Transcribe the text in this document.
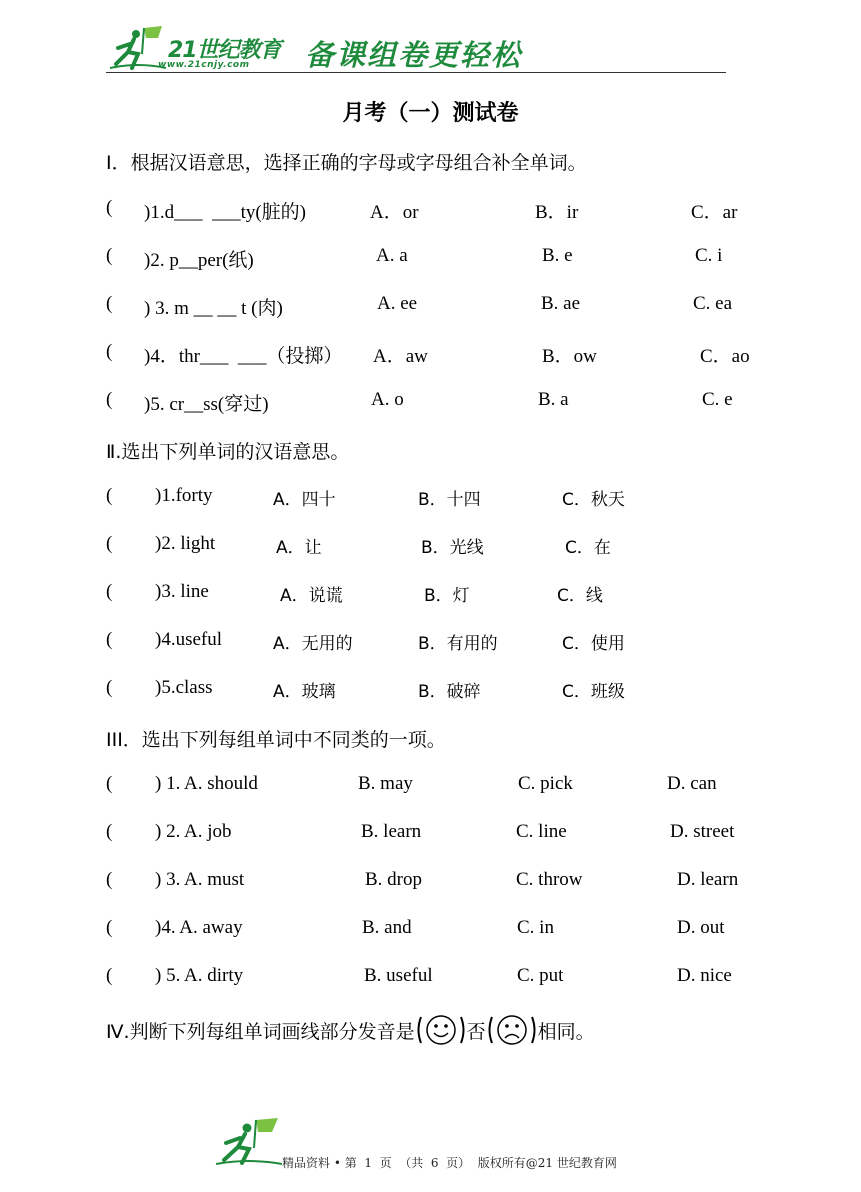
21世纪教育
www.21cnjy.com 备课组卷更轻松
月考（一）测试卷
I．根据汉语意思，选择正确的字母或字母组合补全单词。
( )1.d___  ___ty(脏的)	A．or	B．ir	C．ar
( )2. p__per(纸)	A. a	B. e	C. i
( ) 3. m __ __ t (肉)	A. ee	B. ae	C. ea
( )4．thr___  ___（投掷） A．aw	B．ow	C．ao
( )5. cr__ss(穿过)	A. o	B. a	C. e
Ⅱ.选出下列单词的汉语意思。
( )1.forty	A．四十	B．十四	C．秋天
( )2. light	A．让	B．光线	C．在
( )3. line	A．说谎	B．灯	C．线
( )4.useful	A．无用的	B．有用的	C．使用
( )5.class	A．玻璃	B．破碎	C．班级
III．选出下列每组单词中不同类的一项。
( ) 1. A. should	B. may	C. pick	D. can
( ) 2. A. job	B. learn	C. line	D. street
( ) 3. A. must	B. drop	C. throw	D. learn
( )4. A. away	B. and	C. in	D. out
( ) 5. A. dirty	B. useful	C. put	D. nice
Ⅳ.判断下列每组单词画线部分发音是	否	相同。
精品资料 • 第  1  页  （共  6  页）  版权所有@21 世纪教育网
